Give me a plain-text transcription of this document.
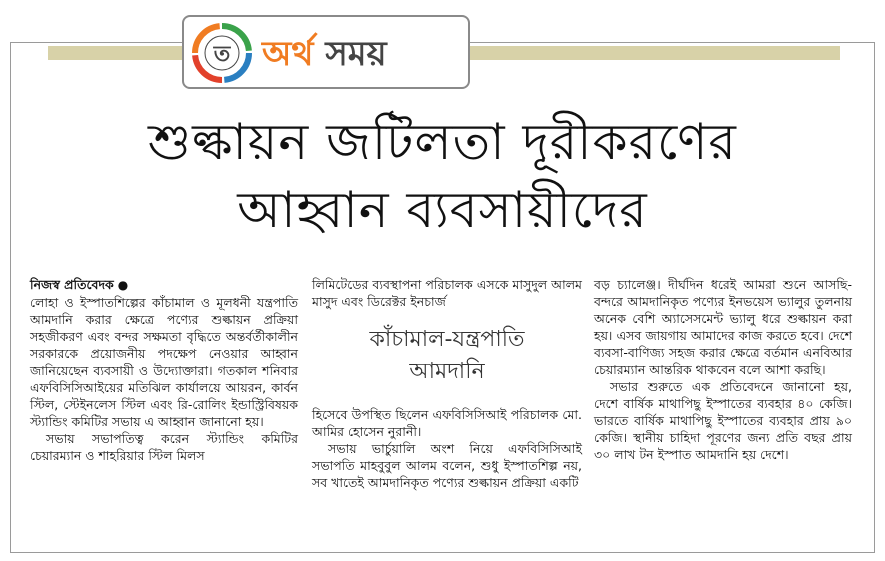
ত অর্থ সময়
শুল্কায়ন জটিলতা দূরীকরণের
আহ্বান ব্যবসায়ীদের

নিজস্ব প্রতিবেদক ●

লোহা ও ইস্পাতশিল্পের কাঁচামাল ও মূলধনী যন্ত্রপাতি আমদানি করার ক্ষেত্রে পণ্যের শুল্কায়ন প্রক্রিয়া সহজীকরণ এবং বন্দর সক্ষমতা বৃদ্ধিতে অন্তর্বর্তীকালীন সরকারকে প্রয়োজনীয় পদক্ষেপ নেওয়ার আহ্বান জানিয়েছেন ব্যবসায়ী ও উদ্যোক্তারা। গতকাল শনিবার এফবিসিসিআইয়ের মতিঝিল কার্যালয়ে আয়রন, কার্বন স্টিল, স্টেইনলেস স্টিল এবং রি-রোলিং ইন্ডাস্ট্রিবিষয়ক স্ট্যান্ডিং কমিটির সভায় এ আহ্বান জানানো হয়।

সভায় সভাপতিত্ব করেন স্ট্যান্ডিং কমিটির চেয়ারম্যান ও শাহরিয়ার স্টিল মিলস

লিমিটেডের ব্যবস্থাপনা পরিচালক এসকে মাসুদুল আলম মাসুদ এবং ডিরেক্টর ইনচার্জ

কাঁচামাল-যন্ত্রপাতি
আমদানি

হিসেবে উপস্থিত ছিলেন এফবিসিসিআই পরিচালক মো. আমির হোসেন নুরানী।

সভায় ভার্চুয়ালি অংশ নিয়ে এফবিসিসিআই সভাপতি মাহবুবুল আলম বলেন, শুধু ইস্পাতশিল্প নয়, সব খাতেই আমদানিকৃত পণ্যের শুল্কায়ন প্রক্রিয়া একটি

বড় চ্যালেঞ্জ। দীর্ঘদিন ধরেই আমরা শুনে আসছি- বন্দরে আমদানিকৃত পণ্যের ইনভয়েস ভ্যালুর তুলনায় অনেক বেশি অ্যাসেসমেন্ট ভ্যালু ধরে শুল্কায়ন করা হয়। এসব জায়গায় আমাদের কাজ করতে হবে। দেশে ব্যবসা-বাণিজ্য সহজ করার ক্ষেত্রে বর্তমান এনবিআর চেয়ারম্যান আন্তরিক থাকবেন বলে আশা করছি।

সভার শুরুতে এক প্রতিবেদনে জানানো হয়, দেশে বার্ষিক মাথাপিছু ইস্পাতের ব্যবহার ৪০ কেজি। ভারতে বার্ষিক মাথাপিছু ইস্পাতের ব্যবহার প্রায় ৯০ কেজি। স্থানীয় চাহিদা পূরণের জন্য প্রতি বছর প্রায় ৩০ লাখ টন ইস্পাত আমদানি হয় দেশে।
